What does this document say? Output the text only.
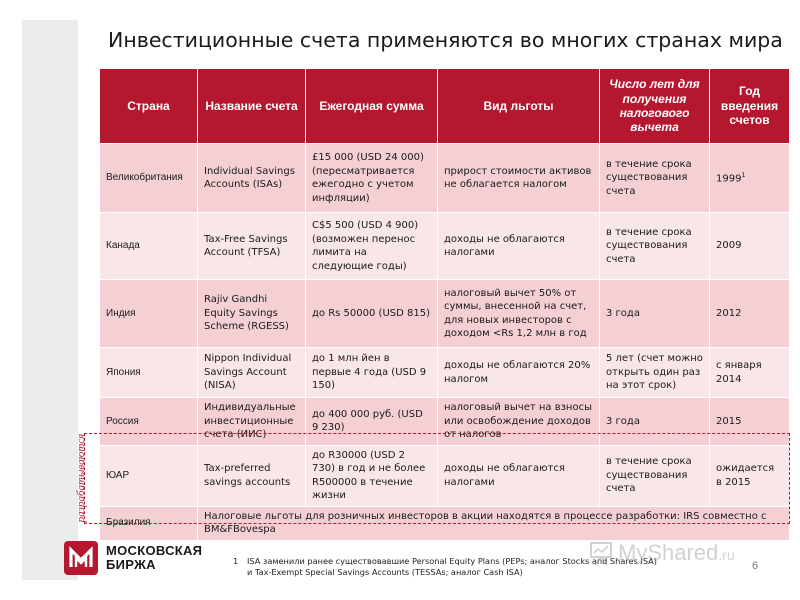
Инвестиционные счета применяются во многих странах мира
Страна	Название счета	Ежегодная сумма	Вид льготы	Число лет для получения налогового вычета	Год введения счетов
Великобритания	Individual Savings Accounts (ISAs)	£15 000 (USD 24 000) (пересматривается ежегодно с учетом инфляции)	прирост стоимости активов не облагается налогом	в течение срока существования счета	1999$^1$
Канада	Tax-Free Savings Account (TFSA)	C$5 500 (USD 4 900) (возможен перенос лимита на следующие годы)	доходы не облагаются налогами	в течение срока существования счета	2009
Индия	Rajiv Gandhi Equity Savings Scheme (RGESS)	до Rs 50000 (USD 815)	налоговый вычет 50% от суммы, внесенной на счет, для новых инвесторов с доходом <Rs 1,2 млн в год	3 года	2012
Япония	Nippon Individual Savings Account (NISA)	до 1 млн йен в первые 4 года (USD 9 150)	доходы не облагаются 20% налогом	5 лет (счет можно открыть один раз на этот срок)	с января 2014
Россия	Индивидуальные инвестиционные счета (ИИС)	до 400 000 руб. (USD 9 230)	налоговый вычет на взносы или освобождение доходов от налогов	3 года	2015
ЮАР	Tax-preferred savings accounts	до R30000 (USD 2 730) в год и не более R500000 в течение жизни	доходы не облагаются налогами	в течение срока существования счета	ожидается в 2015
Бразилия	Налоговые льготы для розничных инвесторов в акции находятся в процессе разработки: IRS совместно с BM&FBovespa				
разрабатываются
МОСКОВСКАЯ
БИРЖА	1	ISA заменили ранее существовавшие Personal Equity Plans (PEPs; аналог Stocks and Shares ISA) и Tax-Exempt Special Savings Accounts (TESSAs; аналог Cash ISA)
MyShared.ru
6
